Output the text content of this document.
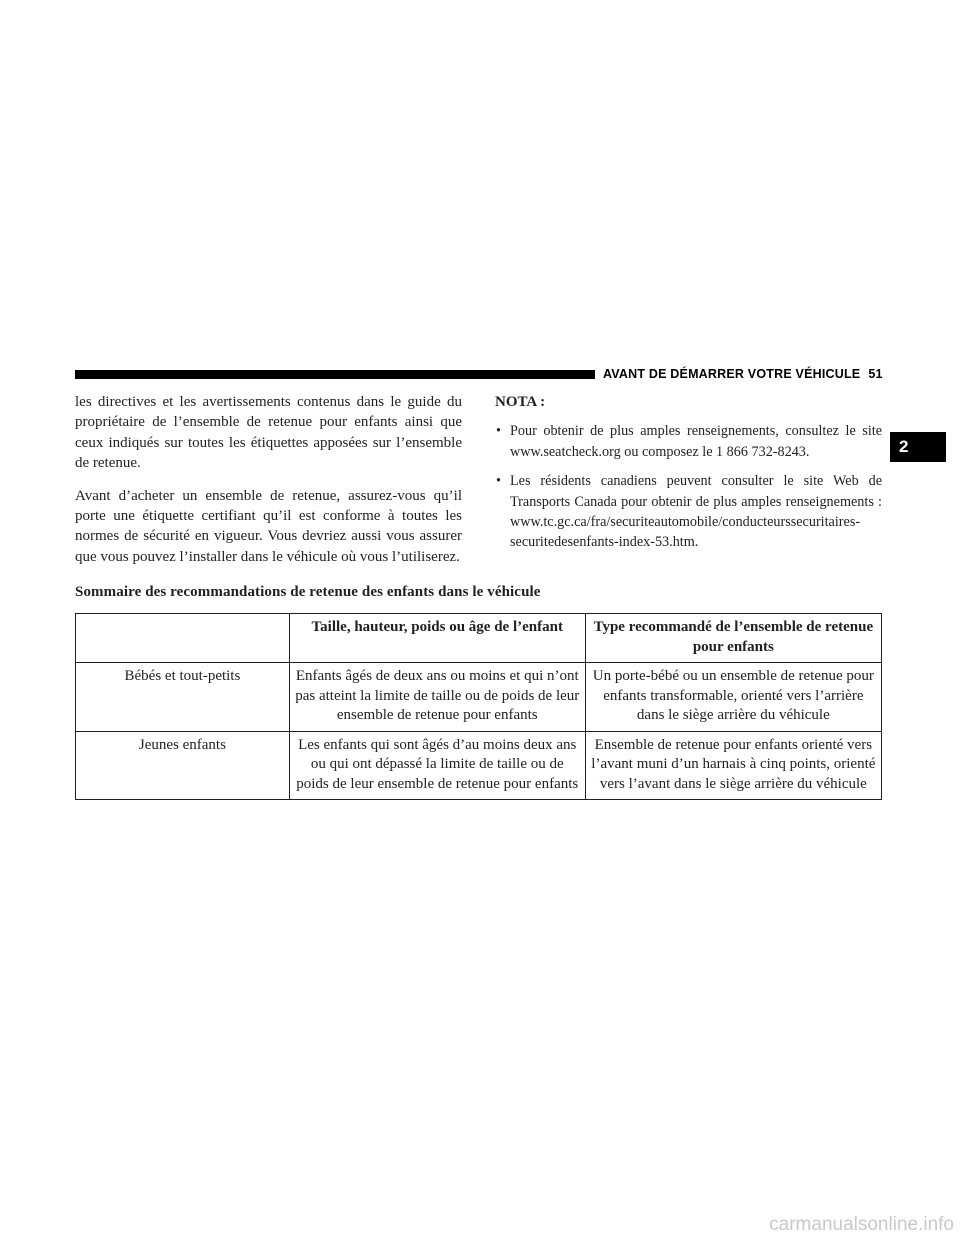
AVANT DE DÉMARRER VOTRE VÉHICULE 51
2

les directives et les avertissements contenus dans le guide du propriétaire de l’ensemble de retenue pour enfants ainsi que ceux indiqués sur toutes les étiquettes apposées sur l’ensemble de retenue.

Avant d’acheter un ensemble de retenue, assurez-vous qu’il porte une étiquette certifiant qu’il est conforme à toutes les normes de sécurité en vigueur. Vous devriez aussi vous assurer que vous pouvez l’installer dans le véhicule où vous l’utiliserez.

NOTA :
• Pour obtenir de plus amples renseignements, consultez le site www.seatcheck.org ou composez le 1 866 732-8243.
• Les résidents canadiens peuvent consulter le site Web de Transports Canada pour obtenir de plus amples renseignements : www.tc.gc.ca/fra/securiteautomobile/conducteurssecuritaires-securitedesenfants-index-53.htm.
Sommaire des recommandations de retenue des enfants dans le véhicule
	Taille, hauteur, poids ou âge de l’enfant	Type recommandé de l’ensemble de retenue pour enfants
Bébés et tout-petits	Enfants âgés de deux ans ou moins et qui n’ont pas atteint la limite de taille ou de poids de leur ensemble de retenue pour enfants	Un porte-bébé ou un ensemble de retenue pour enfants transformable, orienté vers l’arrière dans le siège arrière du véhicule
Jeunes enfants	Les enfants qui sont âgés d’au moins deux ans ou qui ont dépassé la limite de taille ou de poids de leur ensemble de retenue pour enfants	Ensemble de retenue pour enfants orienté vers l’avant muni d’un harnais à cinq points, orienté vers l’avant dans le siège arrière du véhicule
carmanualsonline.info
